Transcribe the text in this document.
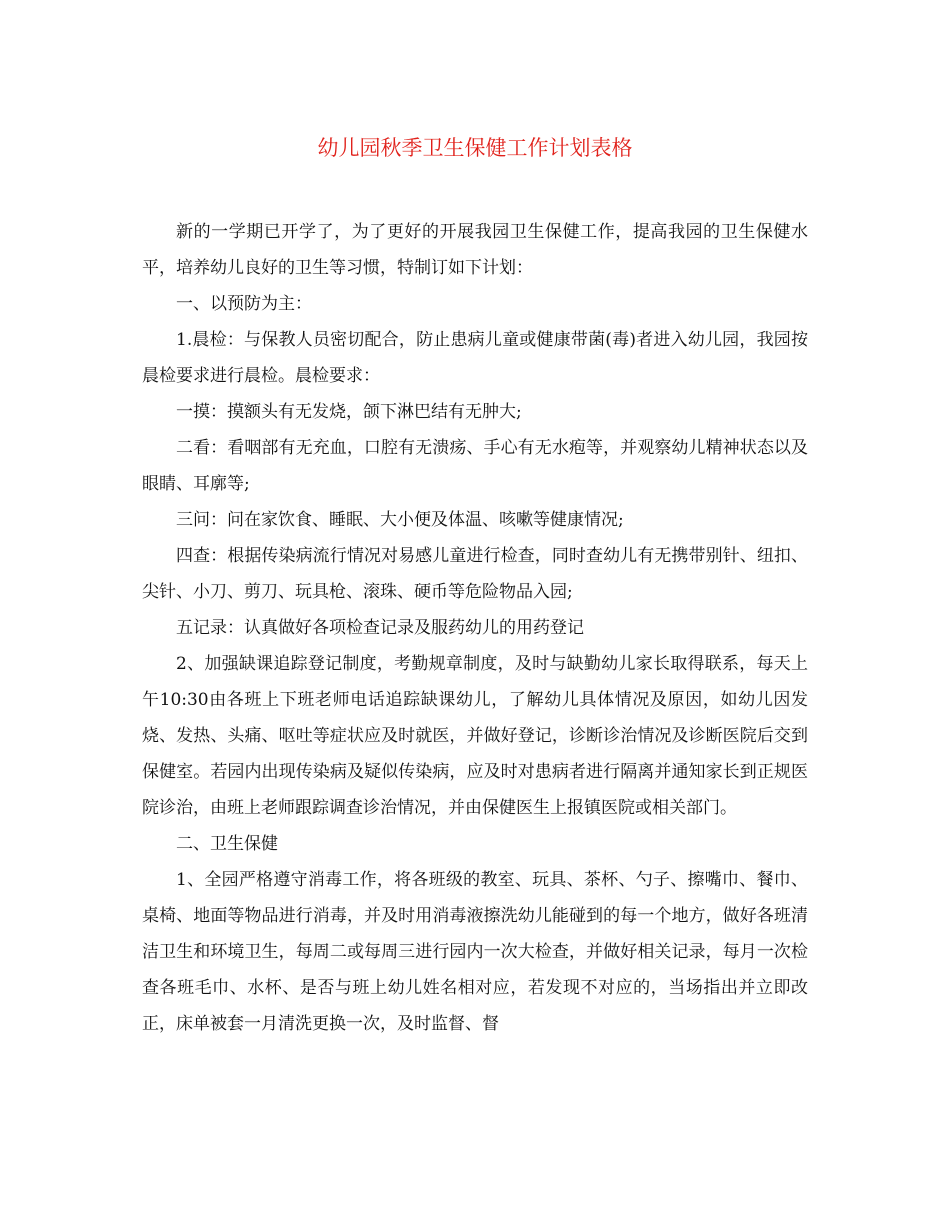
幼儿园秋季卫生保健工作计划表格

新的一学期已开学了，为了更好的开展我园卫生保健工作，提高我园的卫生保健水平，培养幼儿良好的卫生等习惯，特制订如下计划：

一、以预防为主：

1.晨检：与保教人员密切配合，防止患病儿童或健康带菌(毒)者进入幼儿园，我园按晨检要求进行晨检。晨检要求：

一摸：摸额头有无发烧，颌下淋巴结有无肿大;

二看：看咽部有无充血，口腔有无溃疡、手心有无水疱等，并观察幼儿精神状态以及眼睛、耳廓等;

三问：问在家饮食、睡眠、大小便及体温、咳嗽等健康情况;

四查：根据传染病流行情况对易感儿童进行检查，同时查幼儿有无携带别针、纽扣、尖针、小刀、剪刀、玩具枪、滚珠、硬币等危险物品入园;

五记录：认真做好各项检查记录及服药幼儿的用药登记

2、加强缺课追踪登记制度，考勤规章制度，及时与缺勤幼儿家长取得联系，每天上午10:30由各班上下班老师电话追踪缺课幼儿，了解幼儿具体情况及原因，如幼儿因发烧、发热、头痛、呕吐等症状应及时就医，并做好登记，诊断诊治情况及诊断医院后交到保健室。若园内出现传染病及疑似传染病，应及时对患病者进行隔离并通知家长到正规医院诊治，由班上老师跟踪调查诊治情况，并由保健医生上报镇医院或相关部门。

二、卫生保健

1、全园严格遵守消毒工作，将各班级的教室、玩具、茶杯、勺子、擦嘴巾、餐巾、桌椅、地面等物品进行消毒，并及时用消毒液擦洗幼儿能碰到的每一个地方，做好各班清洁卫生和环境卫生，每周二或每周三进行园内一次大检查，并做好相关记录，每月一次检查各班毛巾、水杯、是否与班上幼儿姓名相对应，若发现不对应的，当场指出并立即改正，床单被套一月清洗更换一次，及时监督、督
